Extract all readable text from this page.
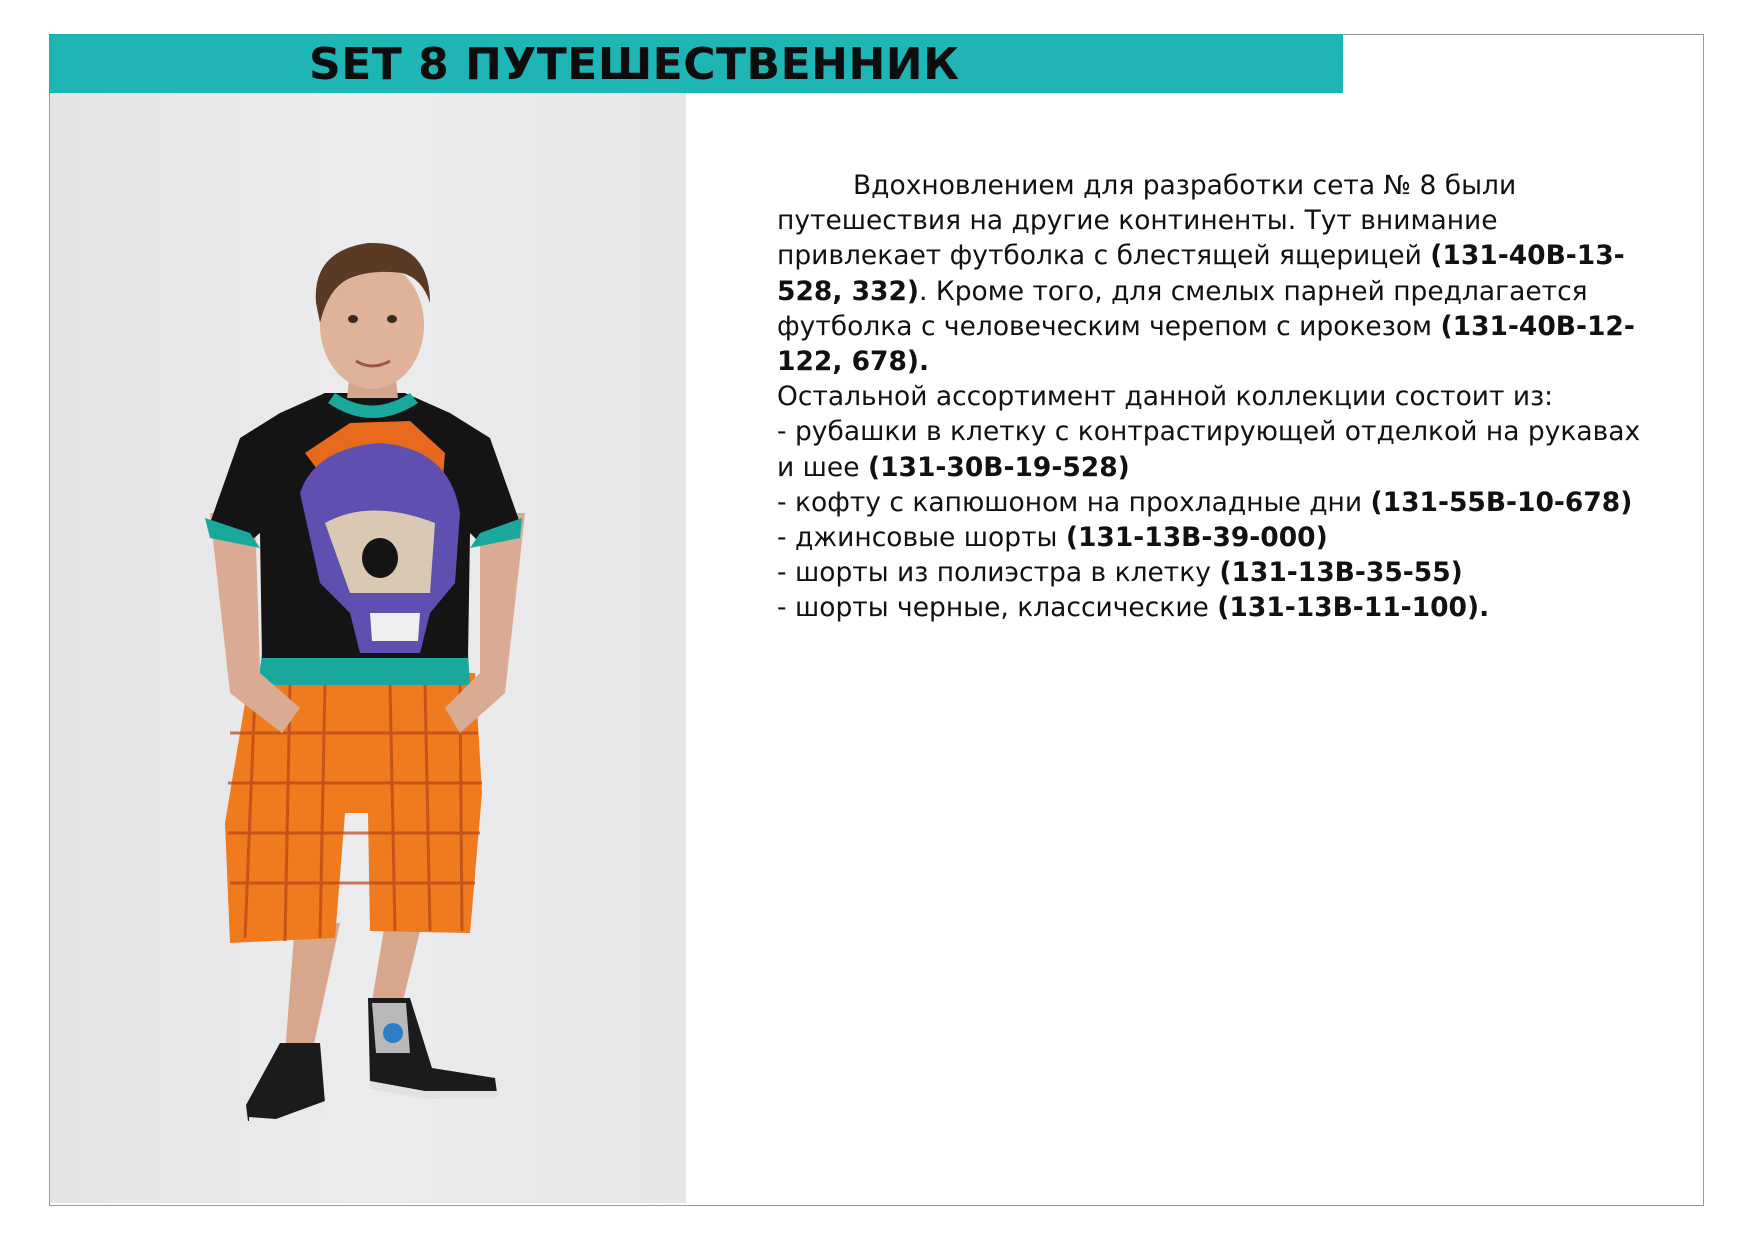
SET 8 ПУТЕШЕСТВЕННИК

Вдохновлением для разработки сета № 8 были путешествия на другие континенты. Тут внимание привлекает футболка с блестящей ящерицей (131-40В-13-528, 332). Кроме того, для смелых парней предлагается футболка с человеческим черепом с ирокезом (131-40В-12-122, 678).

Остальной ассортимент данной коллекции состоит из:

- рубашки в клетку с контрастирующей отделкой на рукавах и шее (131-30В-19-528)

- кофту с капюшоном на прохладные дни (131-55В-10-678)

- джинсовые шорты (131-13В-39-000)

- шорты из полиэстра в клетку (131-13В-35-55)

- шорты черные, классические (131-13В-11-100).
